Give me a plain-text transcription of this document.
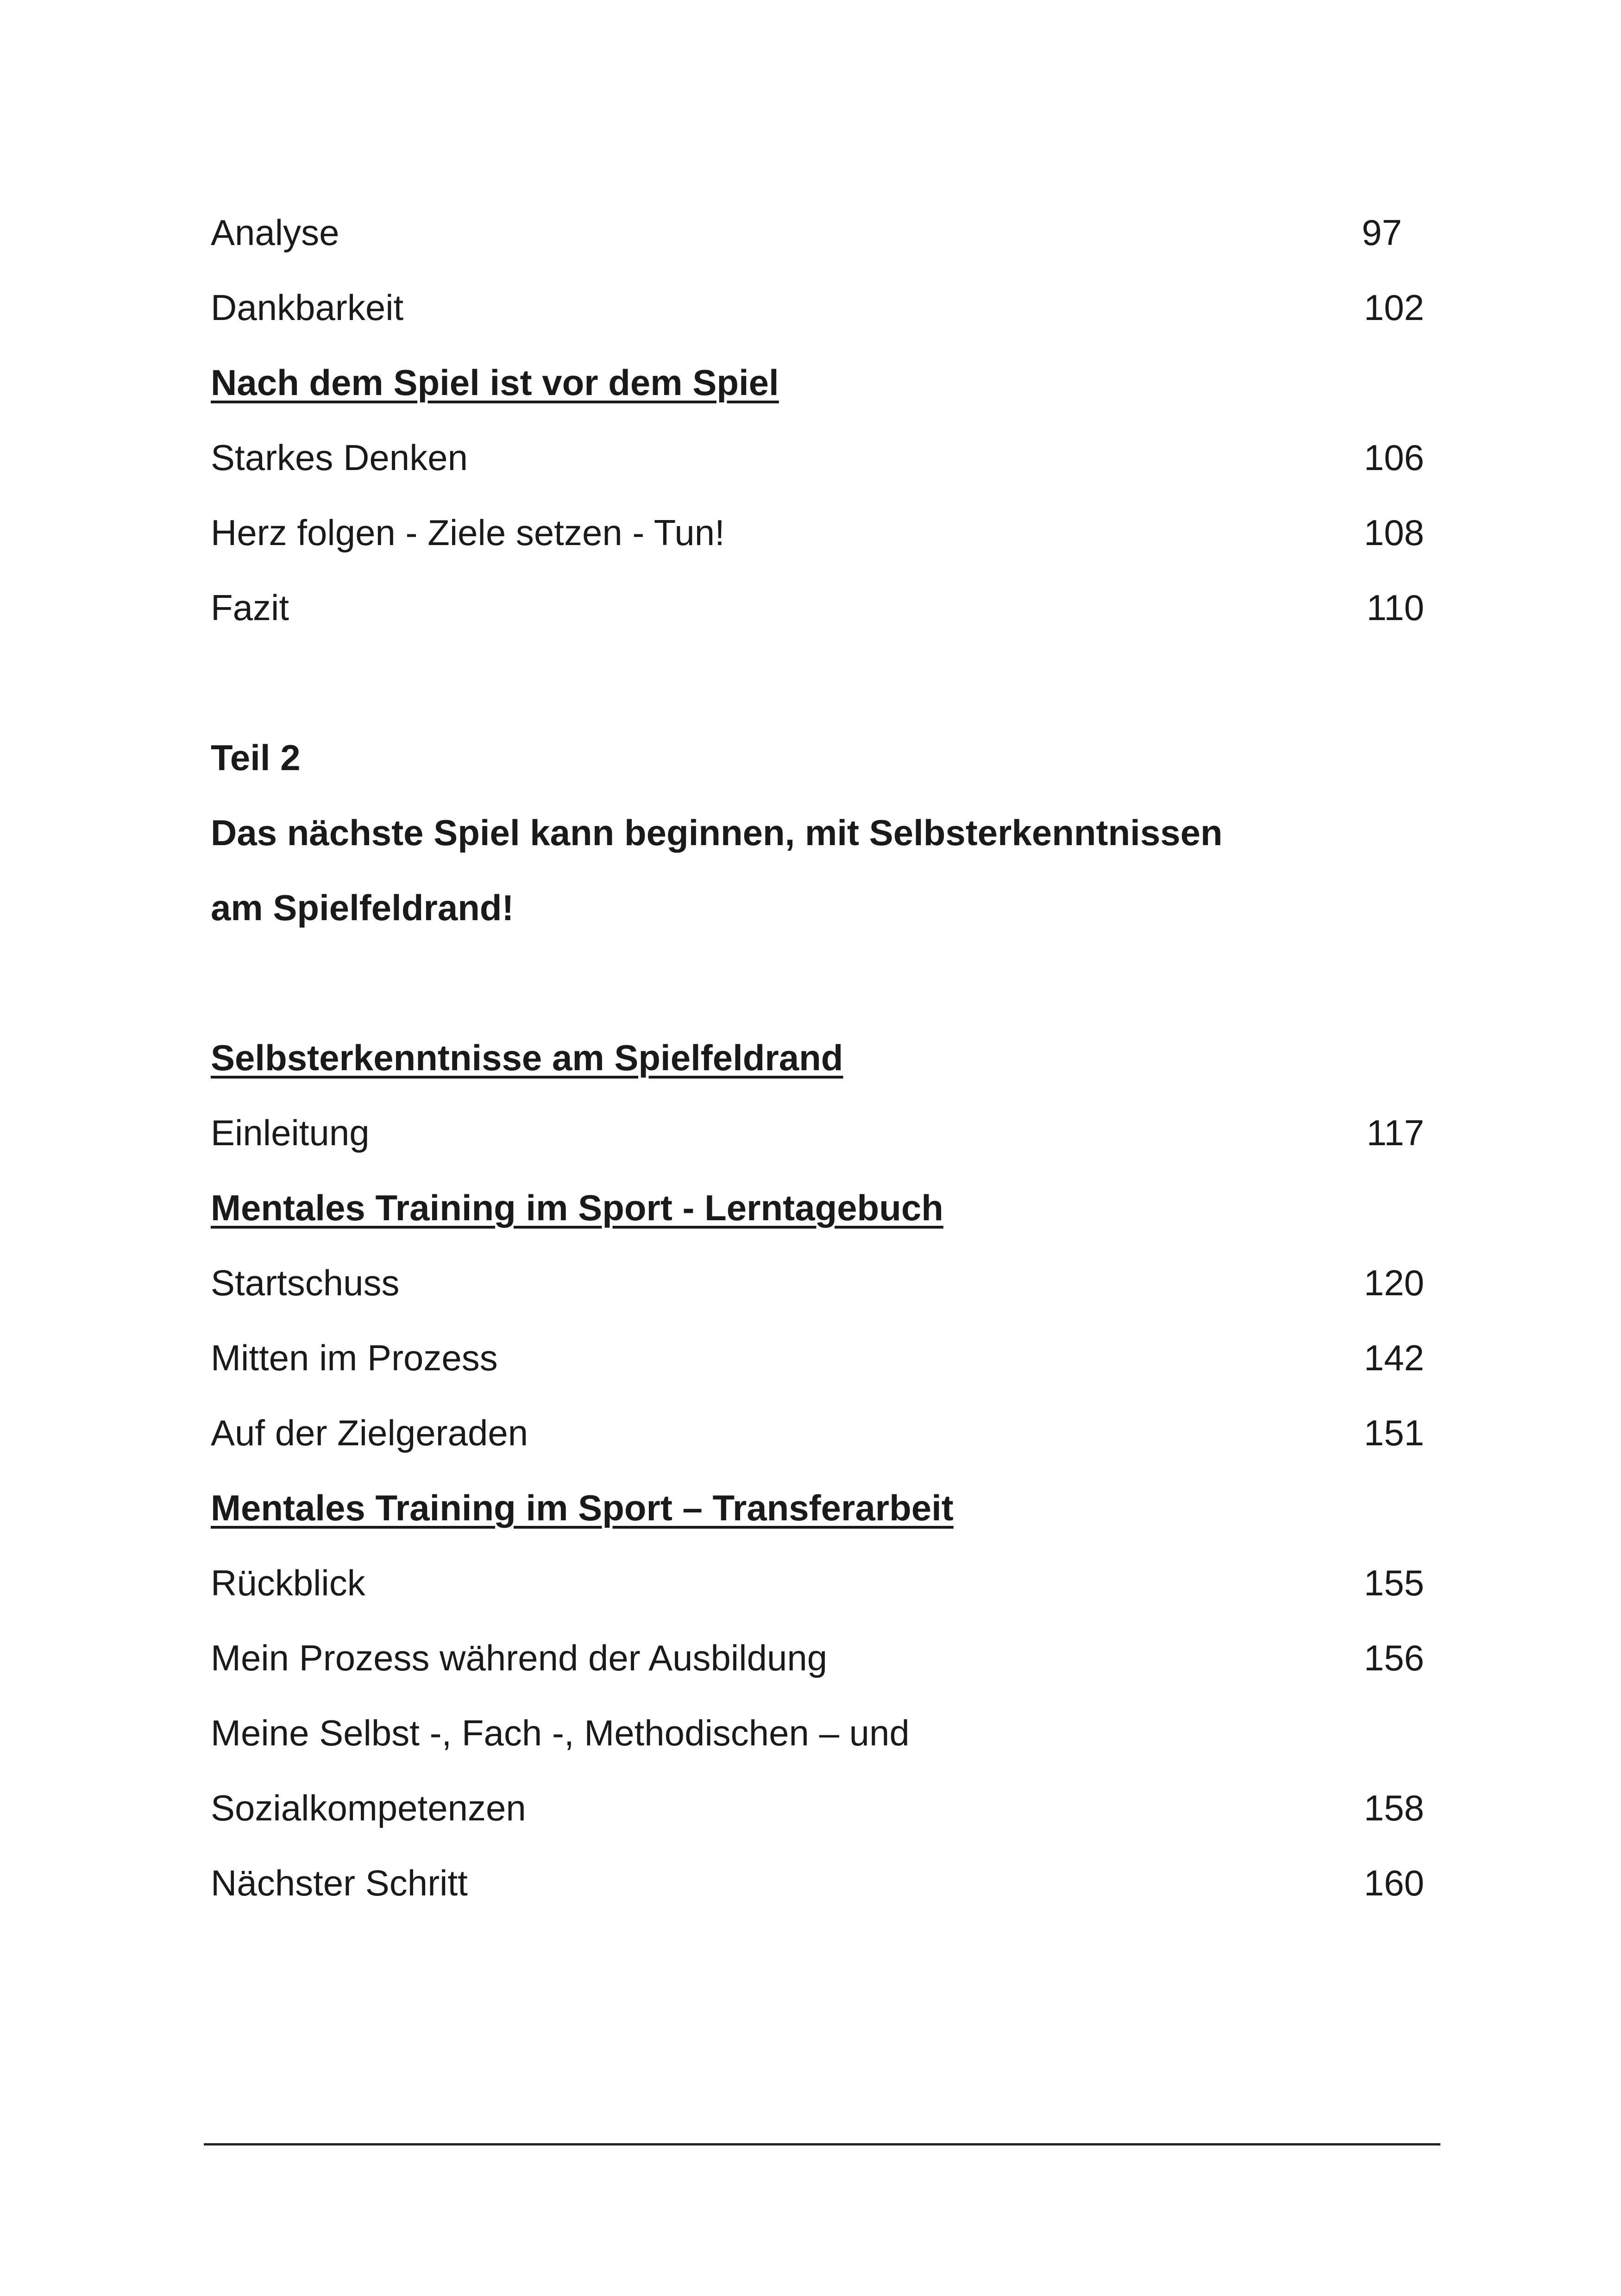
Analyse	97
Dankbarkeit	102
Nach dem Spiel ist vor dem Spiel
Starkes Denken	106
Herz folgen - Ziele setzen - Tun!	108
Fazit	110
Teil 2
Das nächste Spiel kann beginnen, mit Selbsterkenntnissen
am Spielfeldrand!
Selbsterkenntnisse am Spielfeldrand
Einleitung	117
Mentales Training im Sport - Lerntagebuch
Startschuss	120
Mitten im Prozess	142
Auf der Zielgeraden	151
Mentales Training im Sport – Transferarbeit
Rückblick	155
Mein Prozess während der Ausbildung	156
Meine Selbst -, Fach -, Methodischen – und
Sozialkompetenzen	158
Nächster Schritt	160
